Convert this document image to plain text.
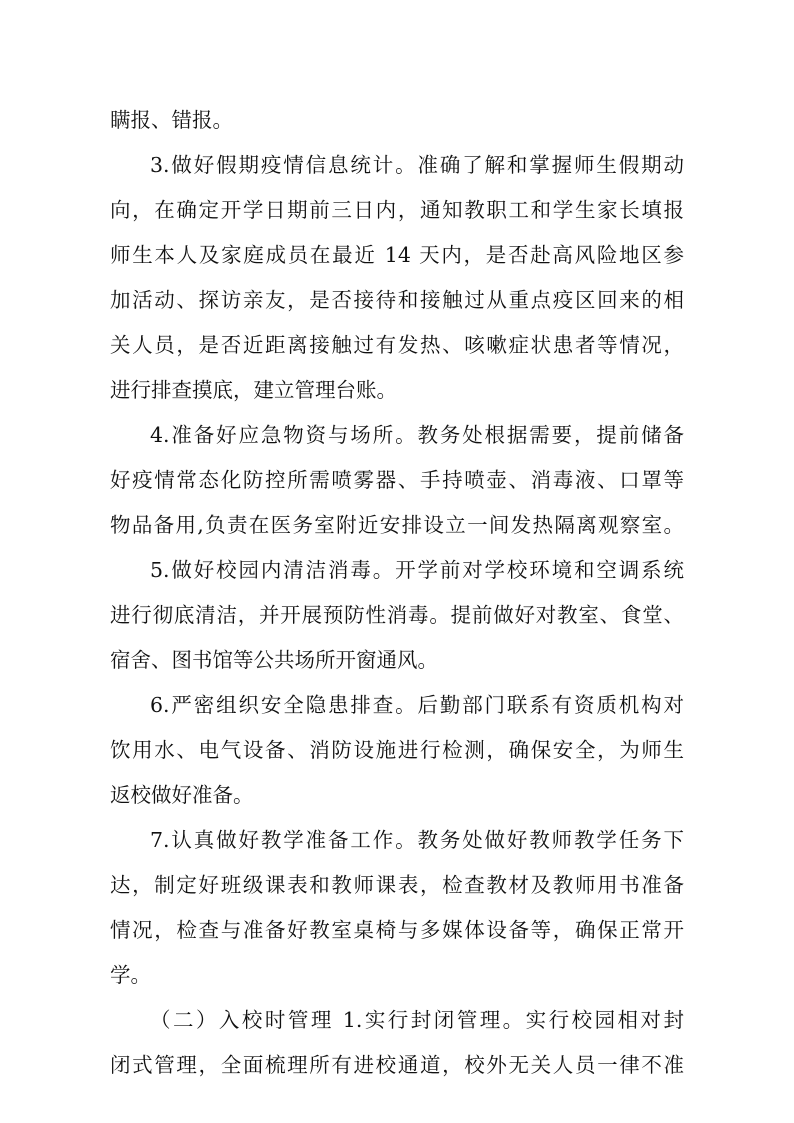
瞒报、错报。
3.做好假期疫情信息统计。准确了解和掌握师生假期动
向，在确定开学日期前三日内，通知教职工和学生家长填报
师生本人及家庭成员在最近 14 天内，是否赴高风险地区参
加活动、探访亲友，是否接待和接触过从重点疫区回来的相
关人员，是否近距离接触过有发热、咳嗽症状患者等情况，
进行排查摸底，建立管理台账。
4.准备好应急物资与场所。教务处根据需要，提前储备
好疫情常态化防控所需喷雾器、手持喷壶、消毒液、口罩等
物品备用,负责在医务室附近安排设立一间发热隔离观察室。
5.做好校园内清洁消毒。开学前对学校环境和空调系统
进行彻底清洁，并开展预防性消毒。提前做好对教室、食堂、
宿舍、图书馆等公共场所开窗通风。
6.严密组织安全隐患排查。后勤部门联系有资质机构对
饮用水、电气设备、消防设施进行检测，确保安全，为师生
返校做好准备。
7.认真做好教学准备工作。教务处做好教师教学任务下
达，制定好班级课表和教师课表，检查教材及教师用书准备
情况，检查与准备好教室桌椅与多媒体设备等，确保正常开
学。
（二）入校时管理 1.实行封闭管理。实行校园相对封
闭式管理，全面梳理所有进校通道，校外无关人员一律不准
